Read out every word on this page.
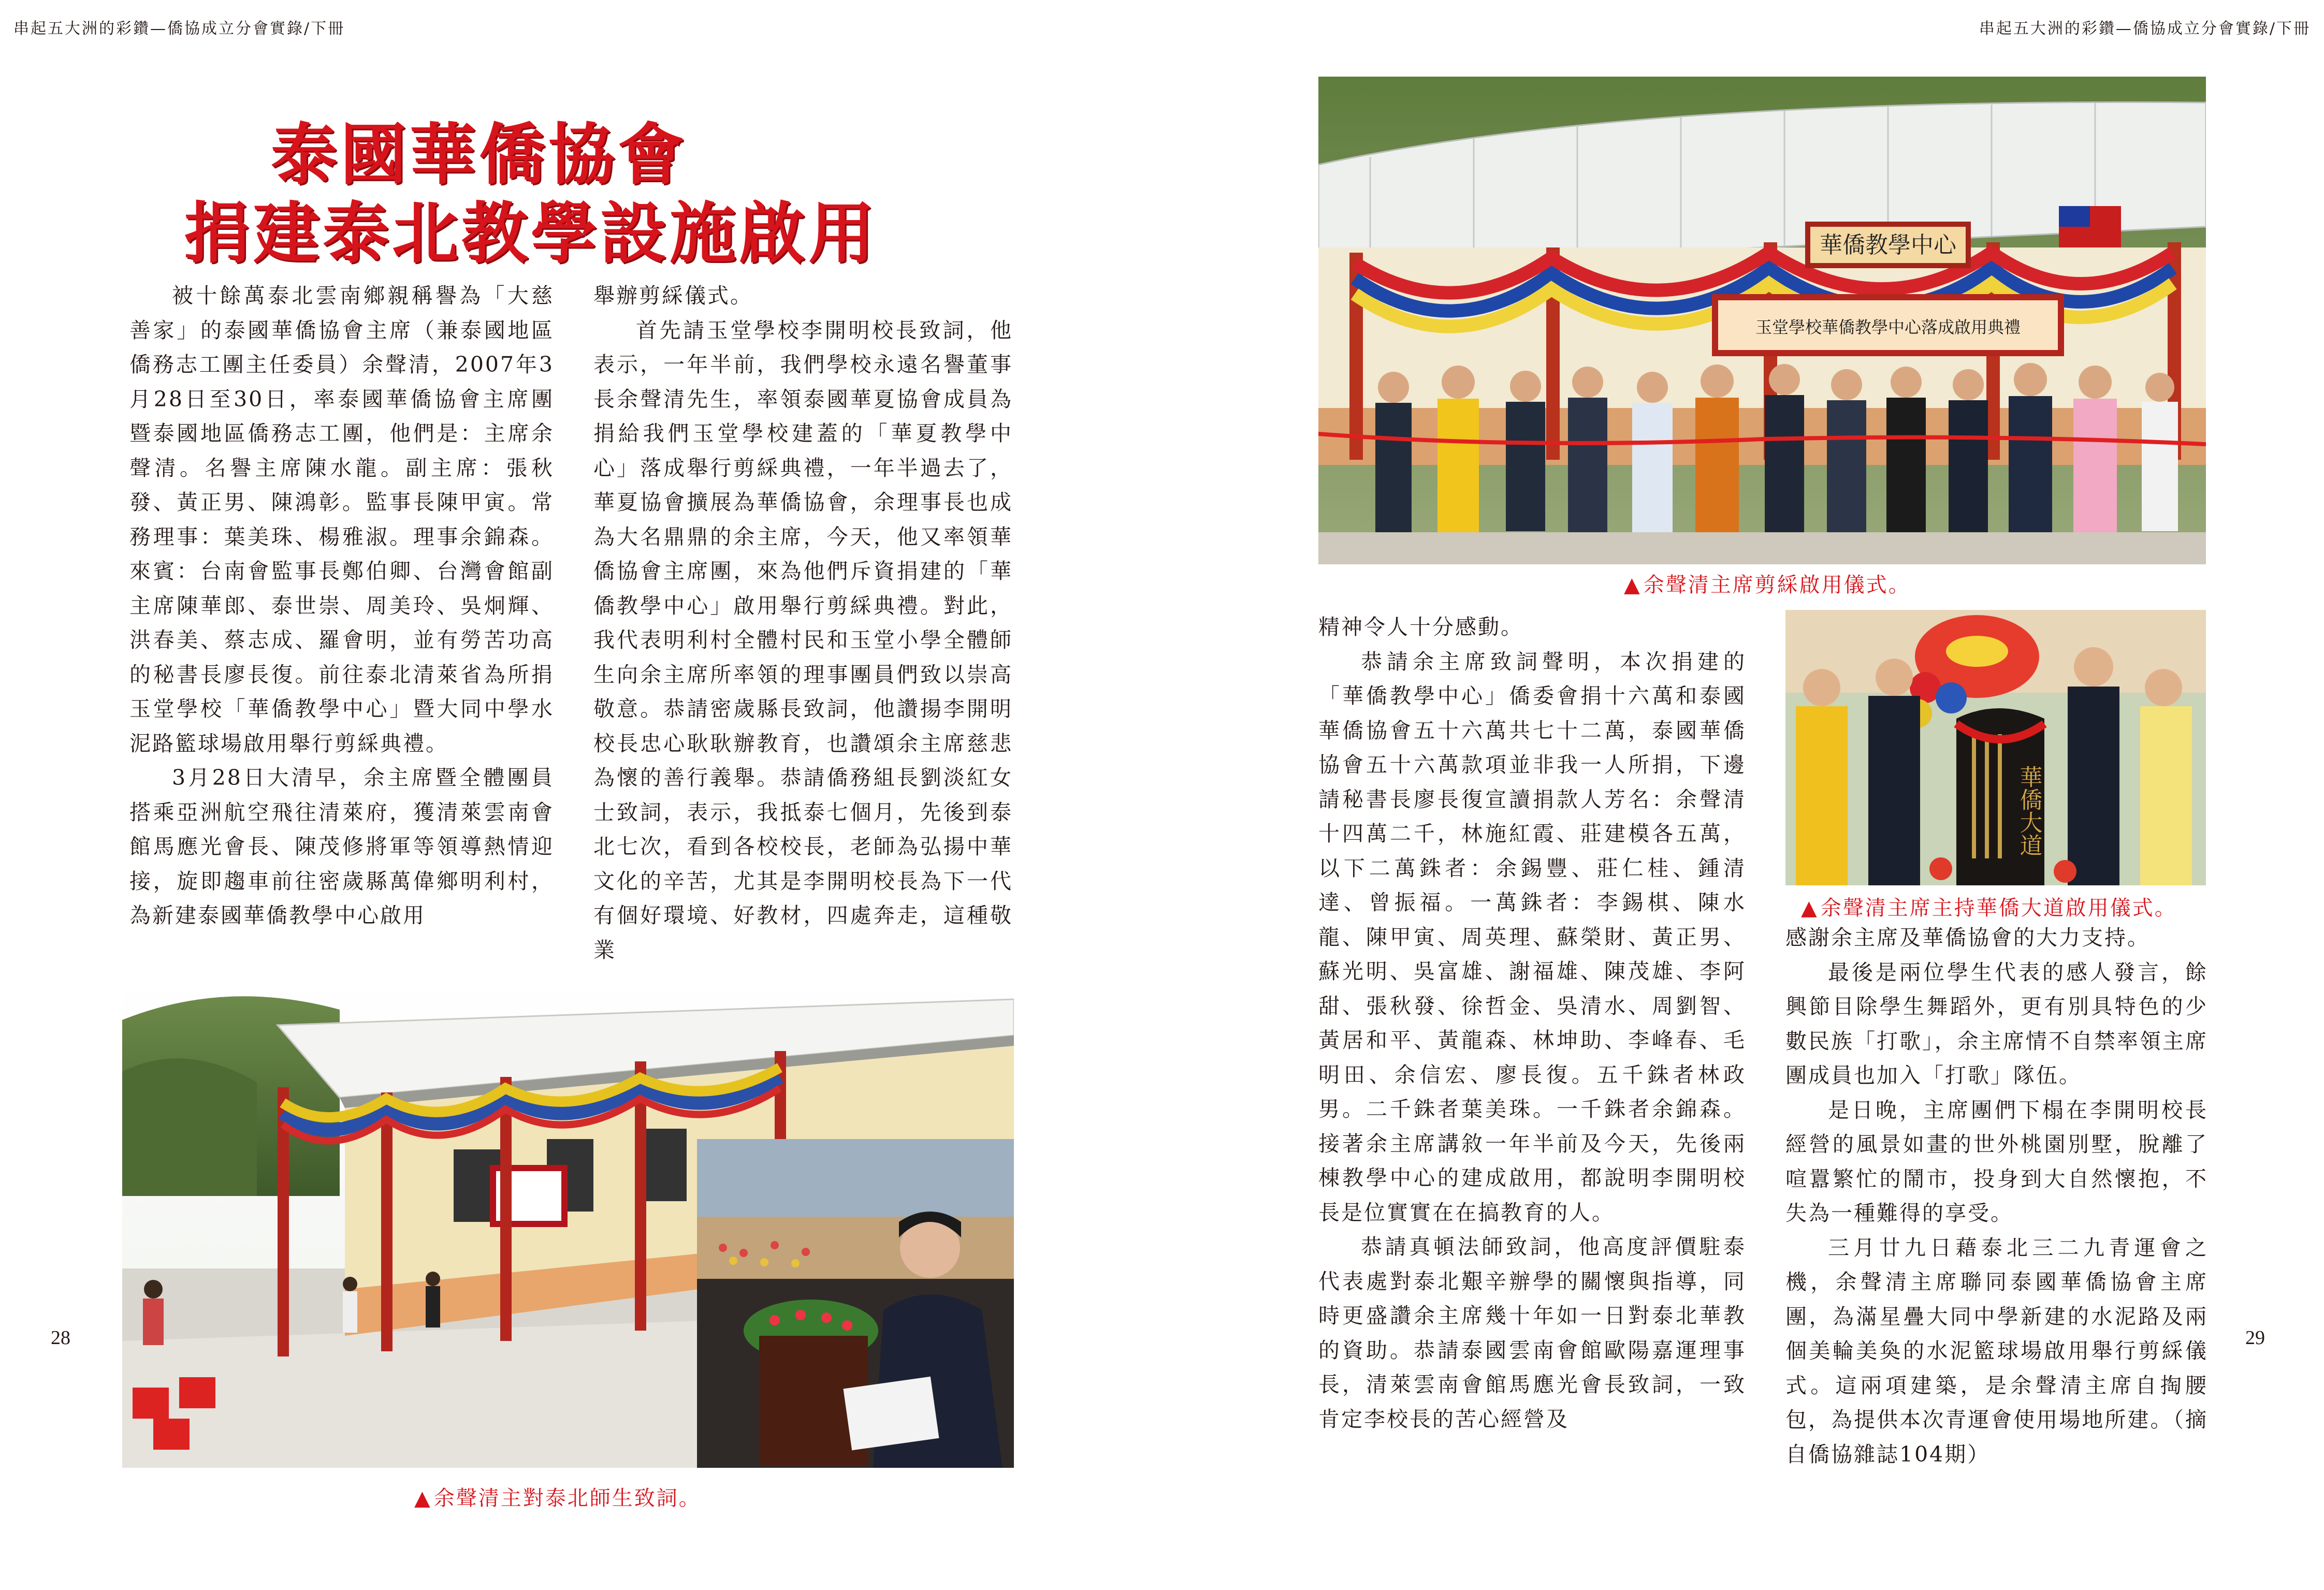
串起五大洲的彩鑽—僑協成立分會實錄/下冊	串起五大洲的彩鑽—僑協成立分會實錄/下冊
泰國華僑協會
捐建泰北教學設施啟用

被十餘萬泰北雲南鄉親稱譽為「大慈善家」的泰國華僑協會主席（兼泰國地區僑務志工團主任委員）余聲清，2007年3月28日至30日，率泰國華僑協會主席團暨泰國地區僑務志工團，他們是：主席余聲清。名譽主席陳水龍。副主席：張秋發、黃正男、陳鴻彰。監事長陳甲寅。常務理事：葉美珠、楊雅淑。理事余錦森。來賓：台南會監事長鄭伯卿、台灣會館副主席陳華郎、泰世崇、周美玲、吳炯輝、洪春美、蔡志成、羅會明，並有勞苦功高的秘書長廖長復。前往泰北清萊省為所捐玉堂學校「華僑教學中心」暨大同中學水泥路籃球場啟用舉行剪綵典禮。

3月28日大清早，余主席暨全體團員搭乘亞洲航空飛往清萊府，獲清萊雲南會館馬應光會長、陳茂修將軍等領導熱情迎接，旋即趨車前往密歲縣萬偉鄉明利村，為新建泰國華僑教學中心啟用

舉辦剪綵儀式。

首先請玉堂學校李開明校長致詞，他表示，一年半前，我們學校永遠名譽董事長余聲清先生，率領泰國華夏協會成員為捐給我們玉堂學校建蓋的「華夏教學中心」落成舉行剪綵典禮，一年半過去了，華夏協會擴展為華僑協會，余理事長也成為大名鼎鼎的余主席，今天，他又率領華僑協會主席團，來為他們斥資捐建的「華僑教學中心」啟用舉行剪綵典禮。對此，我代表明利村全體村民和玉堂小學全體師生向余主席所率領的理事團員們致以崇高敬意。恭請密歲縣長致詞，他讚揚李開明校長忠心耿耿辦教育，也讚頌余主席慈悲為懷的善行義舉。恭請僑務組長劉淡紅女士致詞，表示，我抵泰七個月，先後到泰北七次，看到各校校長，老師為弘揚中華文化的辛苦，尤其是李開明校長為下一代有個好環境、好教材，四處奔走，這種敬業

▲ 余聲清主對泰北師生致詞。
28
華僑教學中心
玉堂學校華僑教學中心落成啟用典禮
▲ 余聲清主席剪綵啟用儀式。

精神令人十分感動。

恭請余主席致詞聲明，本次捐建的「華僑教學中心」僑委會捐十六萬和泰國華僑協會五十六萬共七十二萬，泰國華僑協會五十六萬款項並非我一人所捐，下邊請秘書長廖長復宣讀捐款人芳名：余聲清十四萬二千，林施紅霞、莊建模各五萬，以下二萬銖者：余錫豐、莊仁桂、鍾清達、曾振福。一萬銖者：李錫棋、陳水龍、陳甲寅、周英理、蘇榮財、黃正男、蘇光明、吳富雄、謝福雄、陳茂雄、李阿甜、張秋發、徐哲金、吳清水、周劉智、黃居和平、黃龍森、林坤助、李峰春、毛明田、余信宏、廖長復。五千銖者林政男。二千銖者葉美珠。一千銖者余錦森。接著余主席講敘一年半前及今天，先後兩棟教學中心的建成啟用，都說明李開明校長是位實實在在搞教育的人。

恭請真頓法師致詞，他高度評價駐泰代表處對泰北艱辛辦學的關懷與指導，同時更盛讚余主席幾十年如一日對泰北華教的資助。恭請泰國雲南會館歐陽嘉運理事長，清萊雲南會館馬應光會長致詞，一致肯定李校長的苦心經營及

華僑大道
▲ 余聲清主席主持華僑大道啟用儀式。

感謝余主席及華僑協會的大力支持。

最後是兩位學生代表的感人發言，餘興節目除學生舞蹈外，更有別具特色的少數民族「打歌」，余主席情不自禁率領主席團成員也加入「打歌」隊伍。

是日晚，主席團們下榻在李開明校長經營的風景如畫的世外桃園別墅，脫離了喧囂繁忙的鬧市，投身到大自然懷抱，不失為一種難得的享受。

三月廿九日藉泰北三二九青運會之機，余聲清主席聯同泰國華僑協會主席團，為滿星疊大同中學新建的水泥路及兩個美輪美奐的水泥籃球場啟用舉行剪綵儀式。這兩項建築，是余聲清主席自掏腰包，為提供本次青運會使用場地所建。（摘自僑協雜誌104期）

29
